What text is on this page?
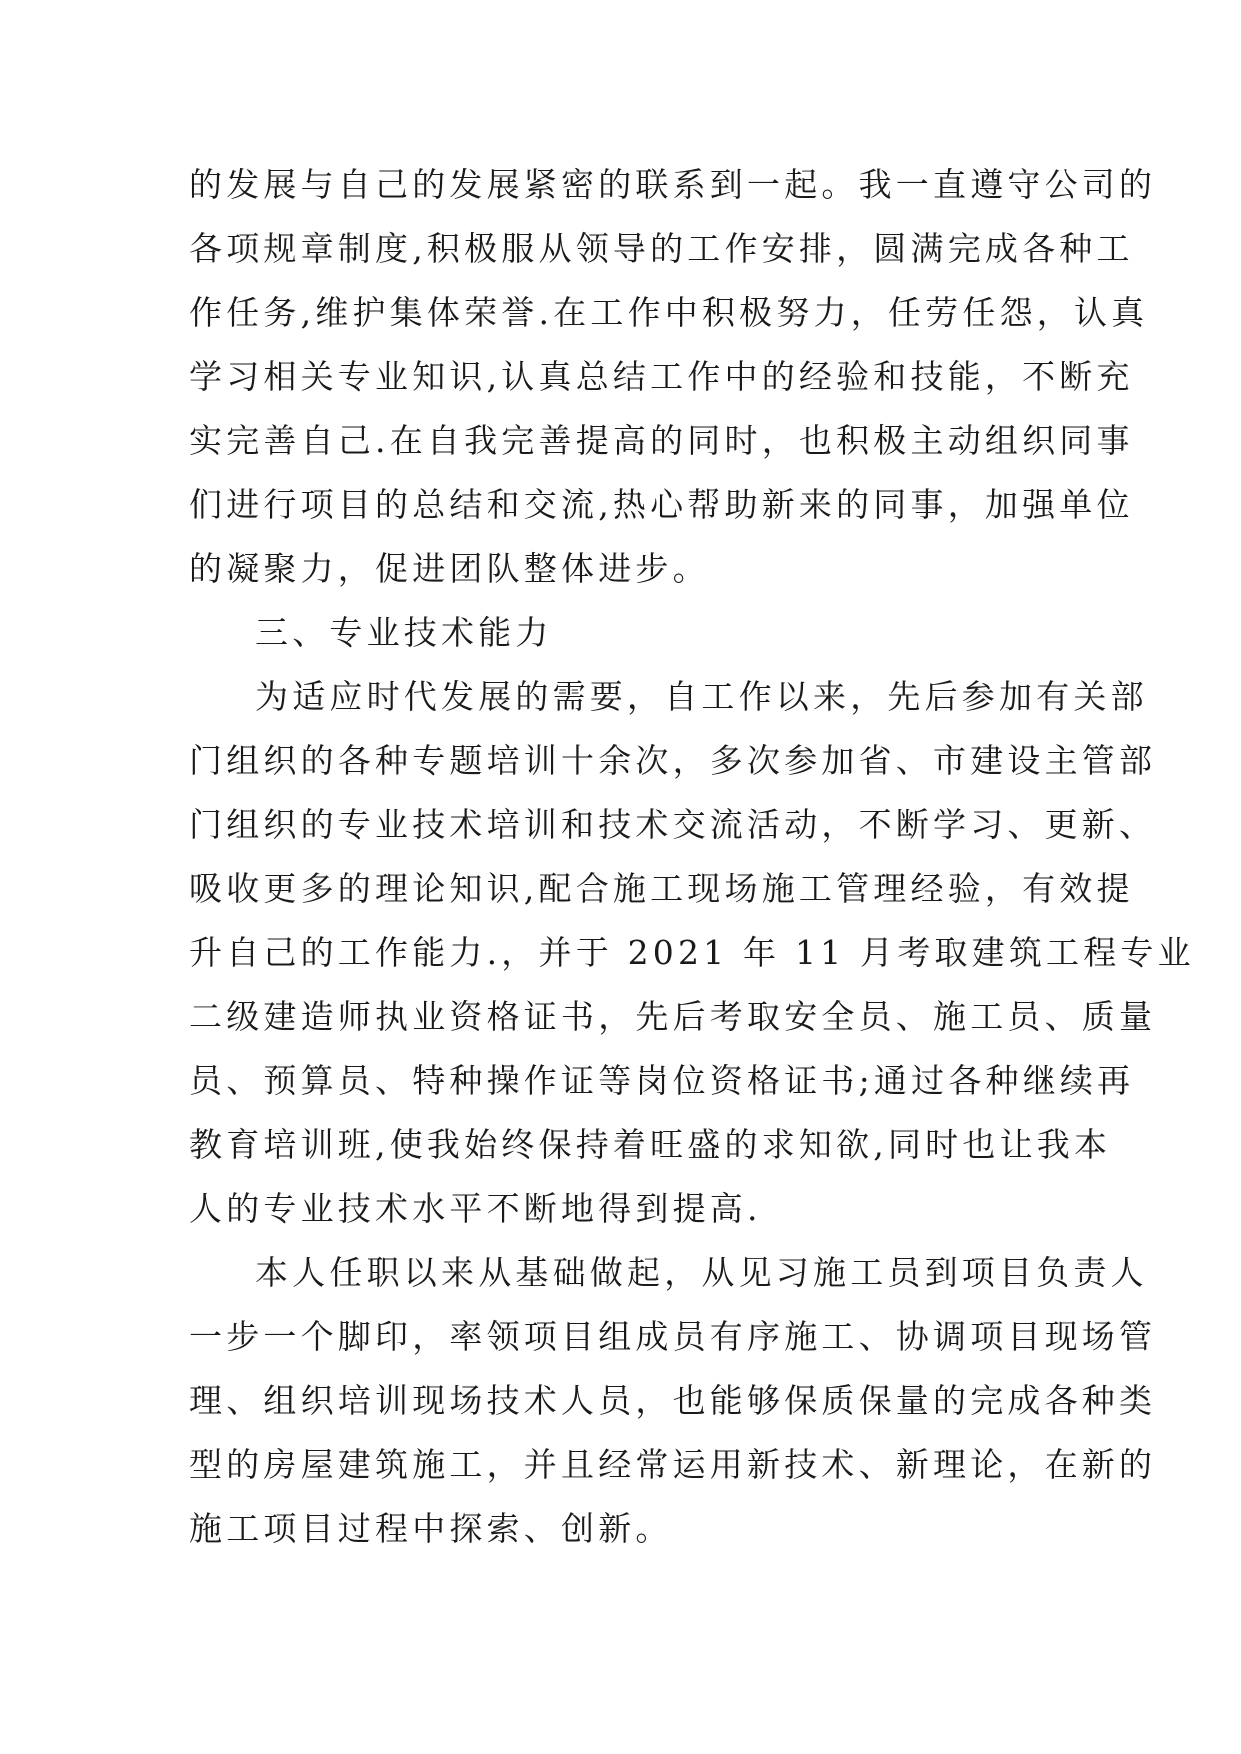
的发展与自己的发展紧密的联系到一起。我一直遵守公司的
各项规章制度,积极服从领导的工作安排，圆满完成各种工
作任务,维护集体荣誉.在工作中积极努力，任劳任怨，认真
学习相关专业知识,认真总结工作中的经验和技能，不断充
实完善自己.在自我完善提高的同时，也积极主动组织同事
们进行项目的总结和交流,热心帮助新来的同事，加强单位
的凝聚力，促进团队整体进步。
三、专业技术能力
为适应时代发展的需要，自工作以来，先后参加有关部
门组织的各种专题培训十余次，多次参加省、市建设主管部
门组织的专业技术培训和技术交流活动，不断学习、更新、
吸收更多的理论知识,配合施工现场施工管理经验，有效提
升自己的工作能力.，并于 2021 年 11 月考取建筑工程专业
二级建造师执业资格证书，先后考取安全员、施工员、质量
员、预算员、特种操作证等岗位资格证书;通过各种继续再
教育培训班,使我始终保持着旺盛的求知欲,同时也让我本
人的专业技术水平不断地得到提高.
本人任职以来从基础做起，从见习施工员到项目负责人
一步一个脚印，率领项目组成员有序施工、协调项目现场管
理、组织培训现场技术人员，也能够保质保量的完成各种类
型的房屋建筑施工，并且经常运用新技术、新理论，在新的
施工项目过程中探索、创新。
